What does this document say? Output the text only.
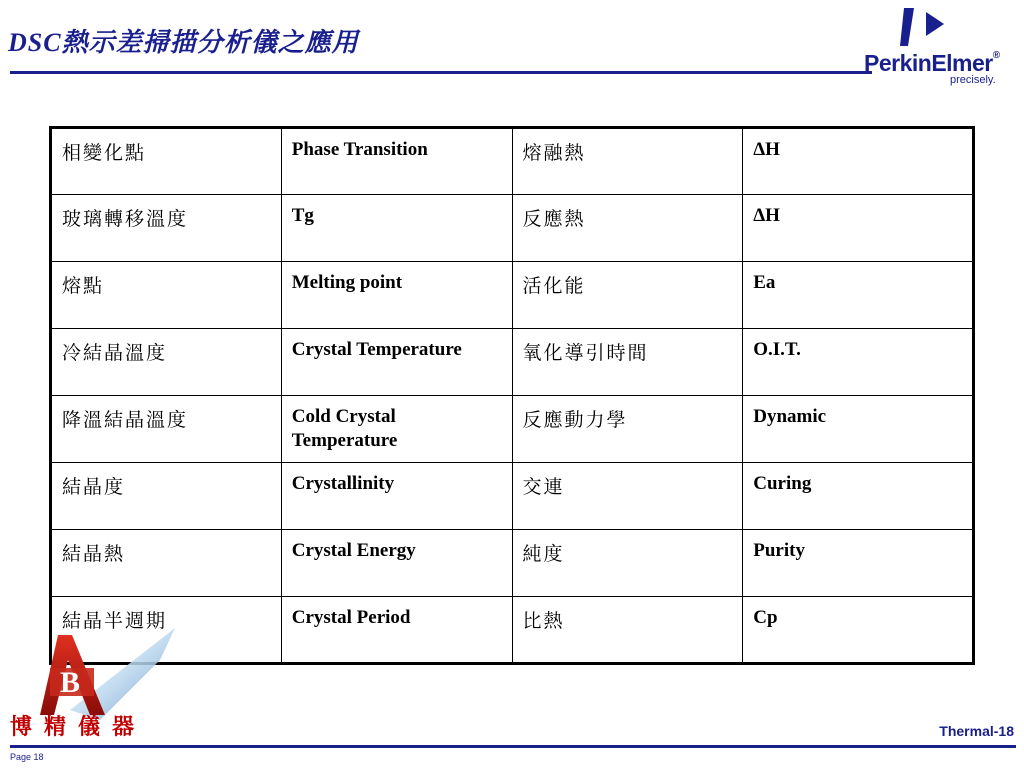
DSC熱示差掃描分析儀之應用
PerkinElmer®
precisely.
相變化點	Phase Transition	熔融熱	ΔH
玻璃轉移溫度	Tg	反應熱	ΔH
熔點	Melting point	活化能	Ea
冷結晶溫度	Crystal Temperature	氧化導引時間	O.I.T.
降溫結晶溫度	Cold Crystal Temperature	反應動力學	Dynamic
結晶度	Crystallinity	交連	Curing
結晶熱	Crystal Energy	純度	Purity
結晶半週期	Crystal Period	比熱	Cp
B
博精儀器	Thermal-18
Page 18
